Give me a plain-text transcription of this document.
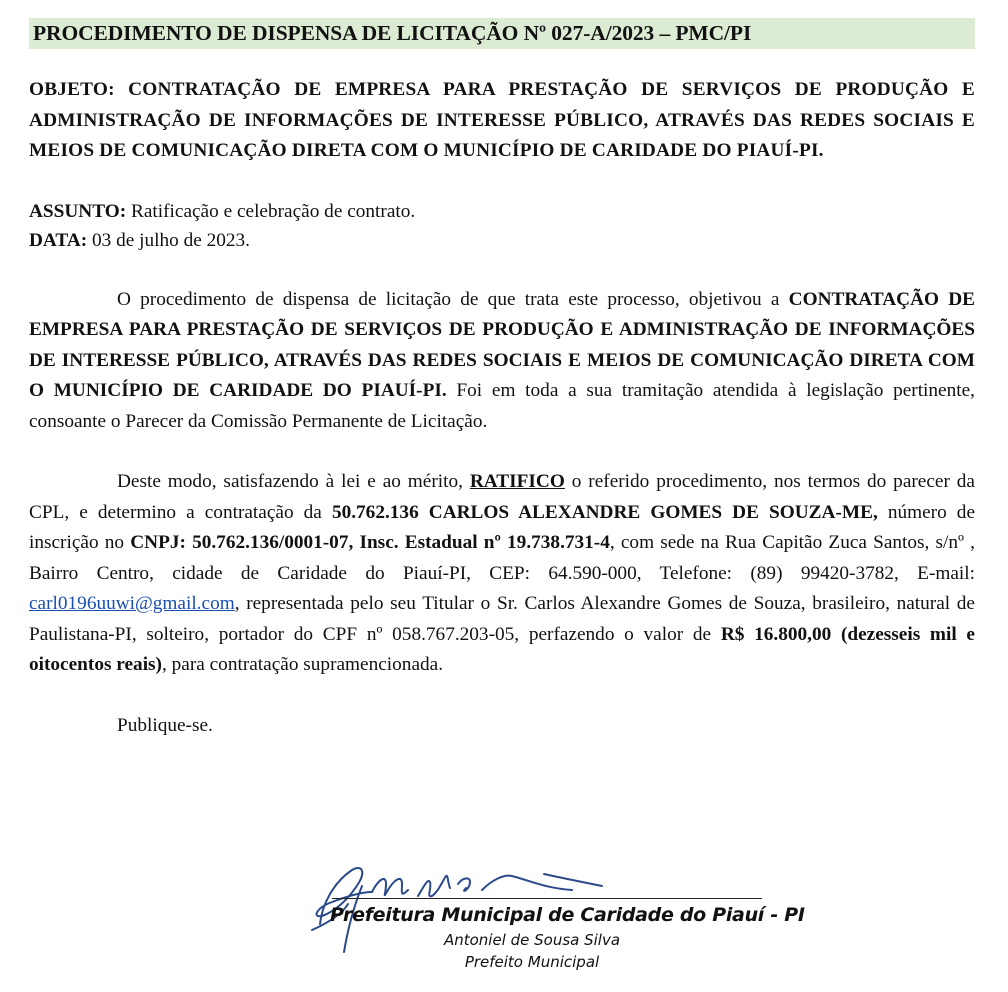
PROCEDIMENTO DE DISPENSA DE LICITAÇÃO Nº 027-A/2023 – PMC/PI

OBJETO: CONTRATAÇÃO DE EMPRESA PARA PRESTAÇÃO DE SERVIÇOS DE PRODUÇÃO E ADMINISTRAÇÃO DE INFORMAÇÕES DE INTERESSE PÚBLICO, ATRAVÉS DAS REDES SOCIAIS E MEIOS DE COMUNICAÇÃO DIRETA COM O MUNICÍPIO DE CARIDADE DO PIAUÍ-PI.

ASSUNTO: Ratificação e celebração de contrato.
DATA: 03 de julho de 2023.

O procedimento de dispensa de licitação de que trata este processo, objetivou a CONTRATAÇÃO DE EMPRESA PARA PRESTAÇÃO DE SERVIÇOS DE PRODUÇÃO E ADMINISTRAÇÃO DE INFORMAÇÕES DE INTERESSE PÚBLICO, ATRAVÉS DAS REDES SOCIAIS E MEIOS DE COMUNICAÇÃO DIRETA COM O MUNICÍPIO DE CARIDADE DO PIAUÍ-PI. Foi em toda a sua tramitação atendida à legislação pertinente, consoante o Parecer da Comissão Permanente de Licitação.

Deste modo, satisfazendo à lei e ao mérito, RATIFICO o referido procedimento, nos termos do parecer da CPL, e determino a contratação da 50.762.136 CARLOS ALEXANDRE GOMES DE SOUZA-ME, número de inscrição no CNPJ: 50.762.136/0001-07, Insc. Estadual nº 19.738.731-4, com sede na Rua Capitão Zuca Santos, s/nº , Bairro Centro, cidade de Caridade do Piauí-PI, CEP: 64.590-000, Telefone: (89) 99420-3782, E-mail: carl0196uuwi@gmail.com, representada pelo seu Titular o Sr. Carlos Alexandre Gomes de Souza, brasileiro, natural de Paulistana-PI, solteiro, portador do CPF nº 058.767.203-05, perfazendo o valor de R$ 16.800,00 (dezesseis mil e oitocentos reais), para contratação supramencionada.

Publique-se.
Prefeitura Municipal de Caridade do Piauí - PI
Antoniel de Sousa Silva
Prefeito Municipal
